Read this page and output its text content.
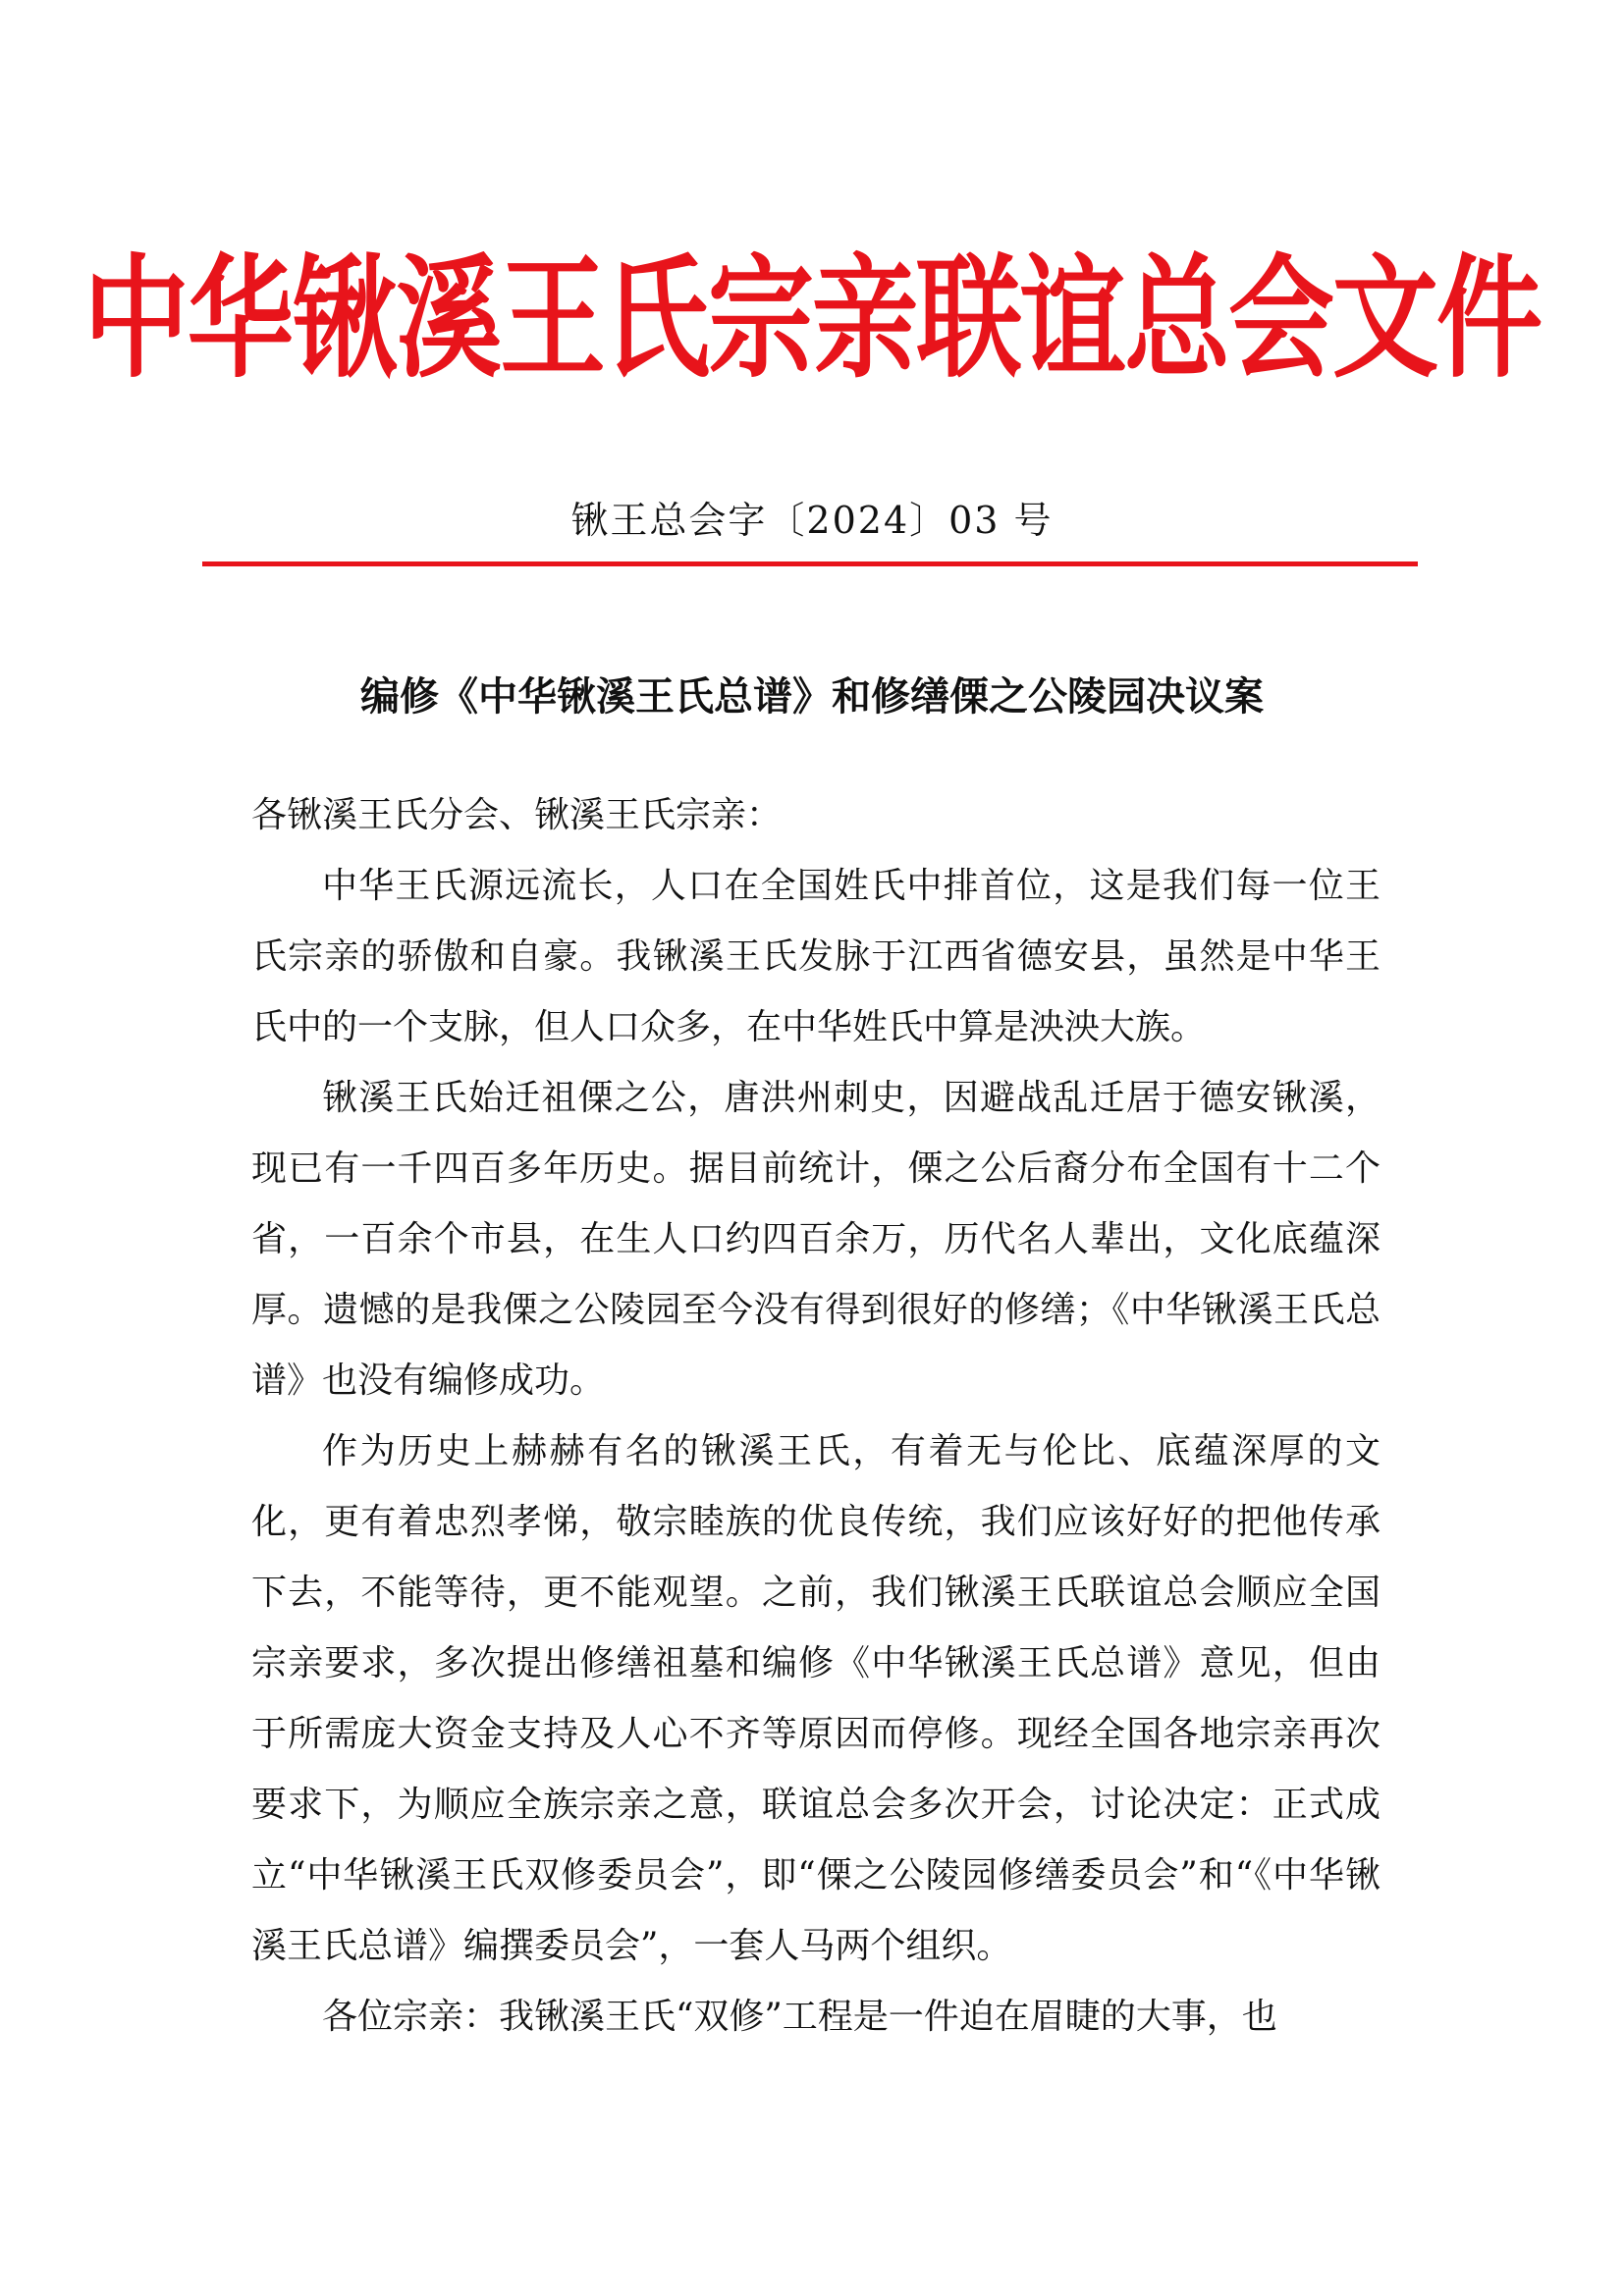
中华锹溪王氏宗亲联谊总会文件
锹王总会字〔2024〕03 号
编修《中华锹溪王氏总谱》和修缮傈之公陵园决议案

各锹溪王氏分会、锹溪王氏宗亲：

中华王氏源远流长，人口在全国姓氏中排首位，这是我们每一位王氏宗亲的骄傲和自豪。我锹溪王氏发脉于江西省德安县，虽然是中华王氏中的一个支脉，但人口众多，在中华姓氏中算是泱泱大族。

锹溪王氏始迁祖傈之公，唐洪州刺史，因避战乱迁居于德安锹溪，现已有一千四百多年历史。据目前统计，傈之公后裔分布全国有十二个省，一百余个市县，在生人口约四百余万，历代名人辈出，文化底蕴深厚。遗憾的是我傈之公陵园至今没有得到很好的修缮；《中华锹溪王氏总谱》也没有编修成功。

作为历史上赫赫有名的锹溪王氏，有着无与伦比、底蕴深厚的文化，更有着忠烈孝悌，敬宗睦族的优良传统，我们应该好好的把他传承下去，不能等待，更不能观望。之前，我们锹溪王氏联谊总会顺应全国宗亲要求，多次提出修缮祖墓和编修《中华锹溪王氏总谱》意见，但由于所需庞大资金支持及人心不齐等原因而停修。现经全国各地宗亲再次要求下，为顺应全族宗亲之意，联谊总会多次开会，讨论决定：正式成立“中华锹溪王氏双修委员会”，即“傈之公陵园修缮委员会”和“《中华锹溪王氏总谱》编撰委员会”，一套人马两个组织。

各位宗亲：我锹溪王氏“双修”工程是一件迫在眉睫的大事，也
